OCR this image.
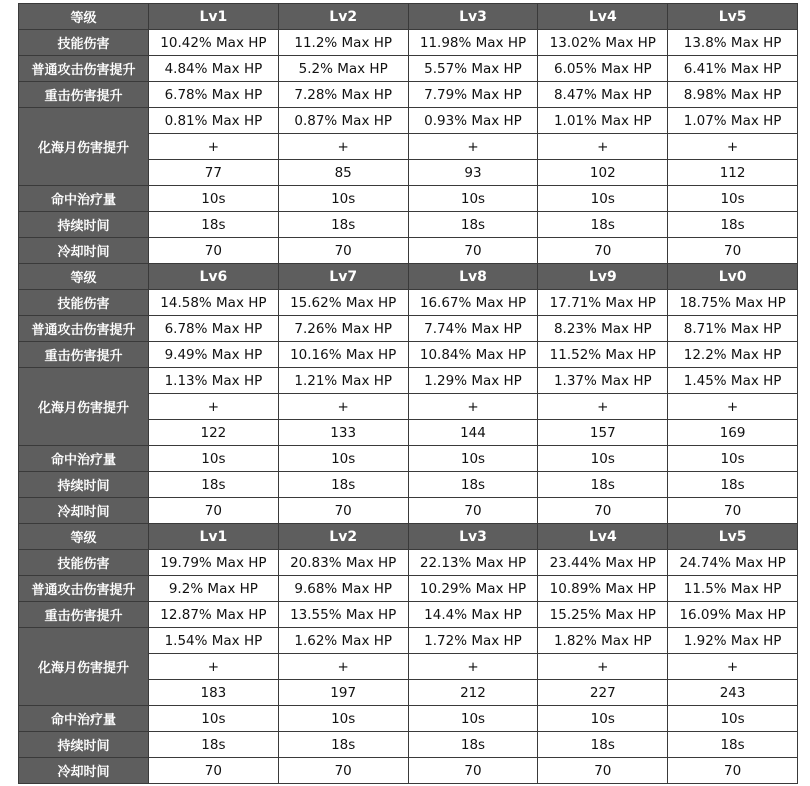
等级	Lv1	Lv2	Lv3	Lv4	Lv5
技能伤害	10.42% Max HP	11.2% Max HP	11.98% Max HP	13.02% Max HP	13.8% Max HP
普通攻击伤害提升	4.84% Max HP	5.2% Max HP	5.57% Max HP	6.05% Max HP	6.41% Max HP
重击伤害提升	6.78% Max HP	7.28% Max HP	7.79% Max HP	8.47% Max HP	8.98% Max HP
化海月伤害提升	0.81% Max HP	0.87% Max HP	0.93% Max HP	1.01% Max HP	1.07% Max HP
	+	+	+	+	+
	77	85	93	102	112
命中治疗量	10s	10s	10s	10s	10s
持续时间	18s	18s	18s	18s	18s
冷却时间	70	70	70	70	70
等级	Lv6	Lv7	Lv8	Lv9	Lv0
技能伤害	14.58% Max HP	15.62% Max HP	16.67% Max HP	17.71% Max HP	18.75% Max HP
普通攻击伤害提升	6.78% Max HP	7.26% Max HP	7.74% Max HP	8.23% Max HP	8.71% Max HP
重击伤害提升	9.49% Max HP	10.16% Max HP	10.84% Max HP	11.52% Max HP	12.2% Max HP
化海月伤害提升	1.13% Max HP	1.21% Max HP	1.29% Max HP	1.37% Max HP	1.45% Max HP
	+	+	+	+	+
	122	133	144	157	169
命中治疗量	10s	10s	10s	10s	10s
持续时间	18s	18s	18s	18s	18s
冷却时间	70	70	70	70	70
等级	Lv1	Lv2	Lv3	Lv4	Lv5
技能伤害	19.79% Max HP	20.83% Max HP	22.13% Max HP	23.44% Max HP	24.74% Max HP
普通攻击伤害提升	9.2% Max HP	9.68% Max HP	10.29% Max HP	10.89% Max HP	11.5% Max HP
重击伤害提升	12.87% Max HP	13.55% Max HP	14.4% Max HP	15.25% Max HP	16.09% Max HP
化海月伤害提升	1.54% Max HP	1.62% Max HP	1.72% Max HP	1.82% Max HP	1.92% Max HP
	+	+	+	+	+
	183	197	212	227	243
命中治疗量	10s	10s	10s	10s	10s
持续时间	18s	18s	18s	18s	18s
冷却时间	70	70	70	70	70
